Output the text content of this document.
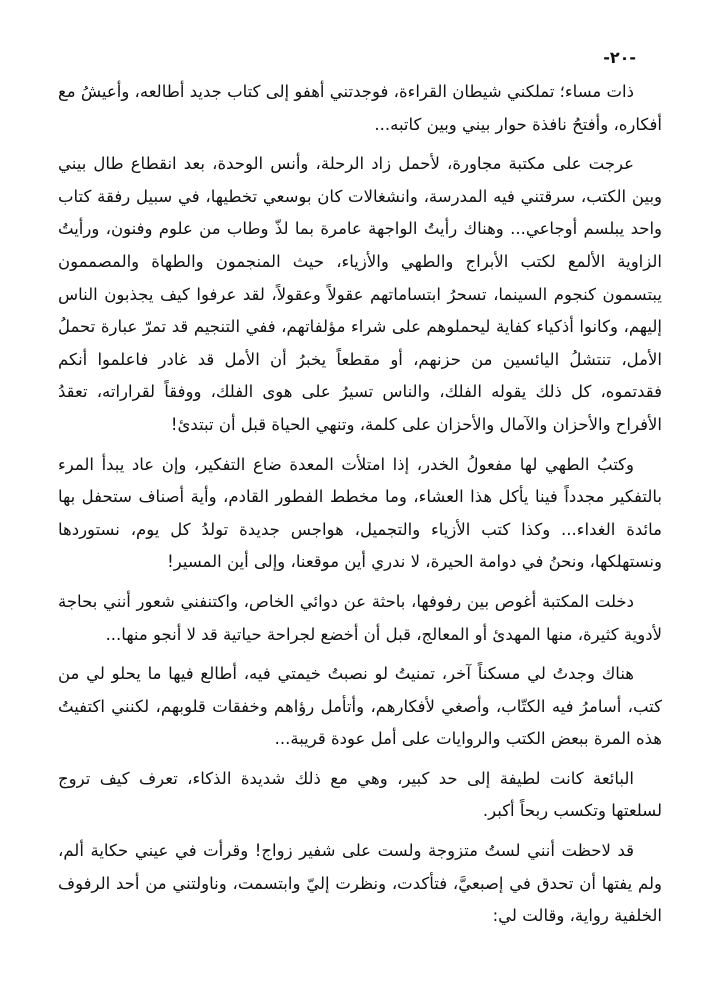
-٢٠-

ذات مساء؛ تملكني شيطان القراءة، فوجدتني أهفو إلى كتاب جديد أطالعه، وأعيشُ مع أفكاره، وأفتحُ نافذة حوار بيني وبين كاتبه...

عرجت على مكتبة مجاورة، لأحمل زاد الرحلة، وأنس الوحدة، بعد انقطاع طال بيني وبين الكتب، سرقتني فيه المدرسة، وانشغالات كان بوسعي تخطيها، في سبيل رفقة كتاب واحد يبلسم أوجاعي... وهناك رأيتُ الواجهة عامرة بما لذّ وطاب من علوم وفنون، ورأيتُ الزاوية الألمع لكتب الأبراج والطهي والأزياء، حيث المنجمون والطهاة والمصممون يبتسمون كنجوم السينما، تسحرُ ابتساماتهم عقولاً وعقولاً، لقد عرفوا كيف يجذبون الناس إليهم، وكانوا أذكياء كفاية ليحملوهم على شراء مؤلفاتهم، ففي التنجيم قد تمرّ عبارة تحملُ الأمل، تنتشلُ اليائسين من حزنهم، أو مقطعاً يخبرُ أن الأمل قد غادر فاعلموا أنكم فقدتموه، كل ذلك يقوله الفلك، والناس تسيرُ على هوى الفلك، ووفقاً لقراراته، تعقدُ الأفراح والأحزان والآمال والأحزان على كلمة، وتنهي الحياة قبل أن تبتدئ!

وكتبُ الطهي لها مفعولُ الخدر، إذا امتلأت المعدة ضاع التفكير، وإن عاد يبدأ المرء بالتفكير مجدداً فينا يأكل هذا العشاء، وما مخطط الفطور القادم، وأية أصناف ستحفل بها مائدة الغداء... وكذا كتب الأزياء والتجميل، هواجس جديدة تولدُ كل يوم، نستوردها ونستهلكها، ونحنُ في دوامة الحيرة، لا ندري أين موقعنا، وإلى أين المسير!

دخلت المكتبة أغوص بين رفوفها، باحثة عن دوائي الخاص، واكتنفني شعور أنني بحاجة لأدوية كثيرة، منها المهدئ أو المعالج، قبل أن أخضع لجراحة حياتية قد لا أنجو منها...

هناك وجدتُ لي مسكناً آخر، تمنيتُ لو نصبتُ خيمتي فيه، أطالع فيها ما يحلو لي من كتب، أسامرُ فيه الكتّاب، وأصغي لأفكارهم، وأتأمل رؤاهم وخفقات قلوبهم، لكنني اكتفيتُ هذه المرة ببعض الكتب والروايات على أمل عودة قريبة...

البائعة كانت لطيفة إلى حد كبير، وهي مع ذلك شديدة الذكاء، تعرف كيف تروج لسلعتها وتكسب ربحاً أكبر.

قد لاحظت أنني لستُ متزوجة ولست على شفير زواج! وقرأت في عيني حكاية ألم، ولم يفتها أن تحدق في إصبعيَّ، فتأكدت، ونظرت إليّ وابتسمت، وناولتني من أحد الرفوف الخلفية رواية، وقالت لي:
